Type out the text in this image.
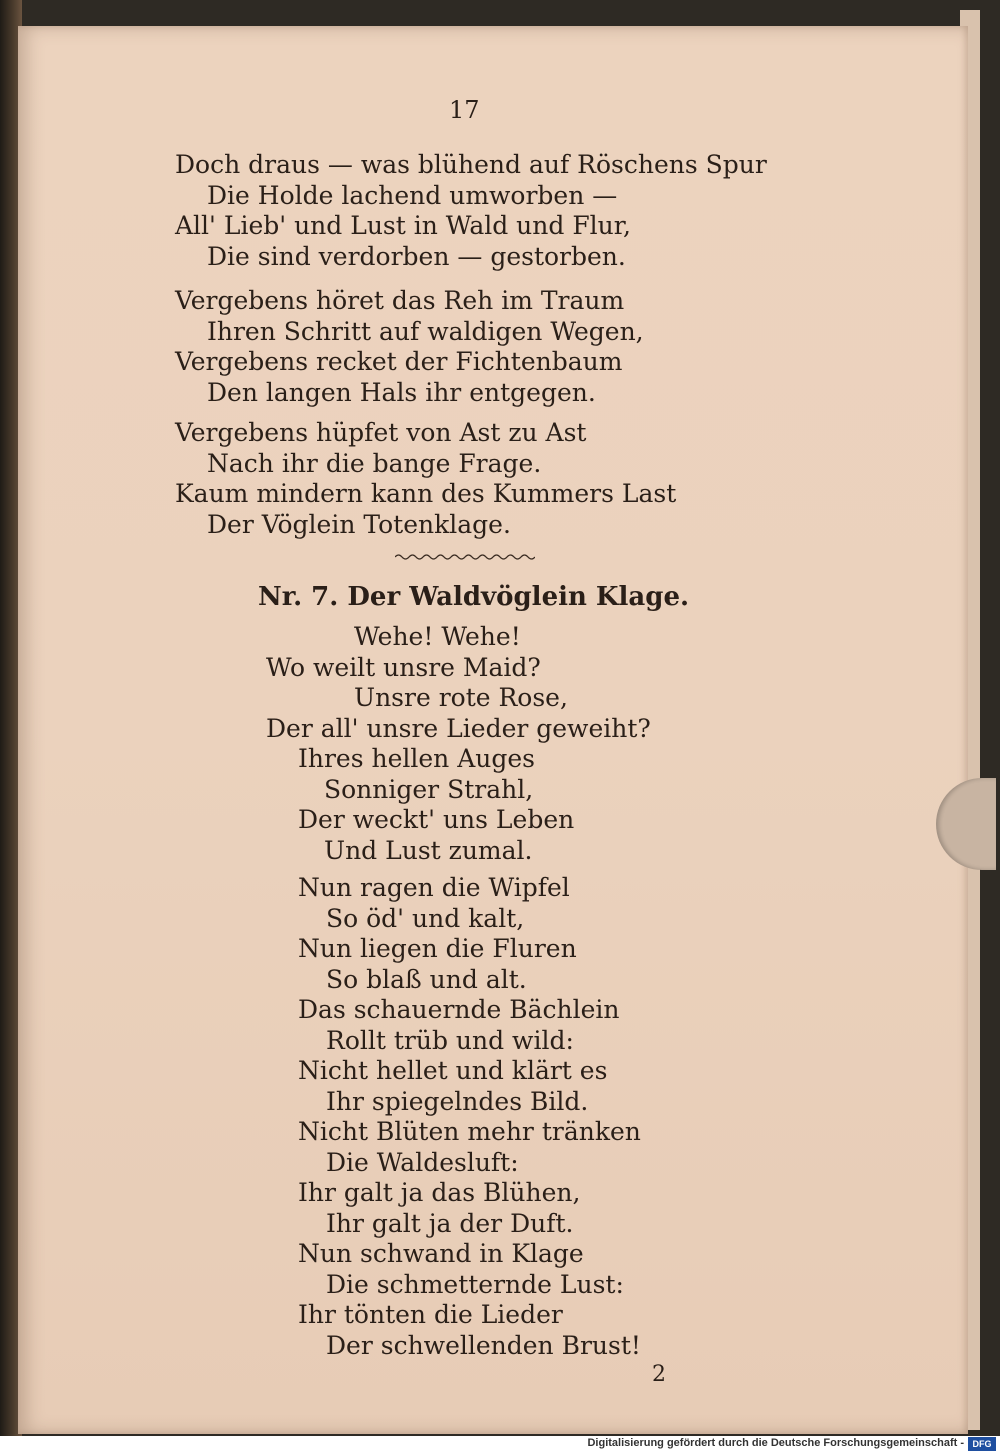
17
Doch draus — was blühend auf Röschens Spur
Die Holde lachend umworben —
All' Lieb' und Lust in Wald und Flur,
Die sind verdorben — gestorben.
Vergebens höret das Reh im Traum
Ihren Schritt auf waldigen Wegen,
Vergebens recket der Fichtenbaum
Den langen Hals ihr entgegen.
Vergebens hüpfet von Ast zu Ast
Nach ihr die bange Frage.
Kaum mindern kann des Kummers Last
Der Vöglein Totenklage.
Nr. 7. Der Waldvöglein Klage.
Wehe! Wehe!
Wo weilt unsre Maid?
Unsre rote Rose,
Der all' unsre Lieder geweiht?
Ihres hellen Auges
Sonniger Strahl,
Der weckt' uns Leben
Und Lust zumal.
Nun ragen die Wipfel
So öd' und kalt,
Nun liegen die Fluren
So blaß und alt.
Das schauernde Bächlein
Rollt trüb und wild:
Nicht hellet und klärt es
Ihr spiegelndes Bild.
Nicht Blüten mehr tränken
Die Waldesluft:
Ihr galt ja das Blühen,
Ihr galt ja der Duft.
Nun schwand in Klage
Die schmetternde Lust:
Ihr tönten die Lieder
Der schwellenden Brust!
2
Digitalisierung gefördert durch die Deutsche Forschungsgemeinschaft - DFG
